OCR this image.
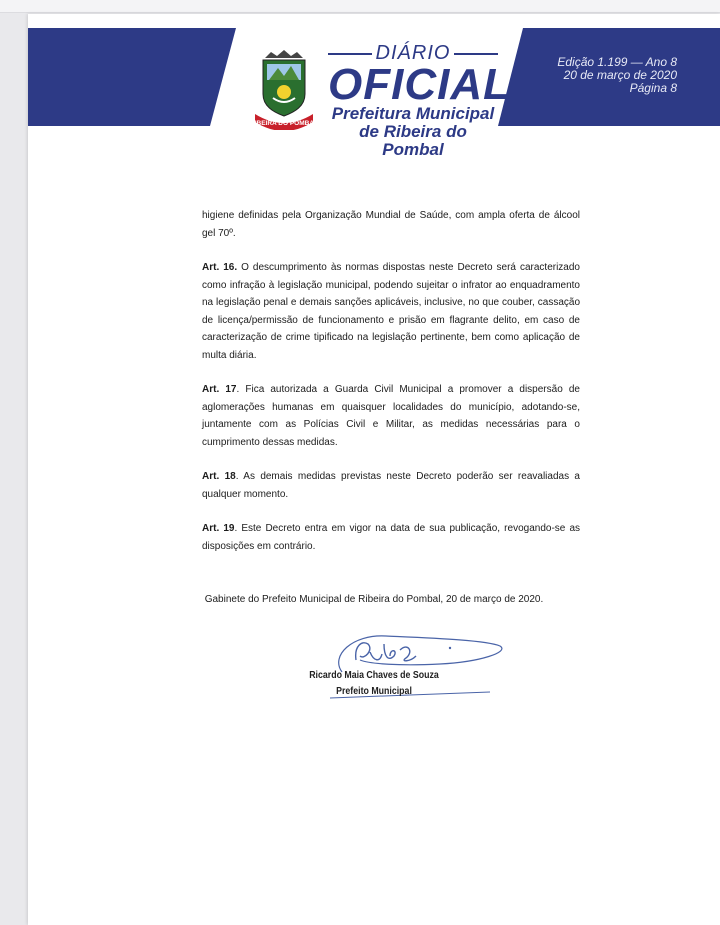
RIBEIRA DO POMBAL
DIÁRIO
OFICIAL
Prefeitura Municipal
de Ribeira do Pombal
Edição 1.199 — Ano 8
20 de março de 2020
Página 8

higiene definidas pela Organização Mundial de Saúde, com ampla oferta de álcool gel 70º.

Art. 16. O descumprimento às normas dispostas neste Decreto será caracterizado como infração à legislação municipal, podendo sujeitar o infrator ao enquadramento na legislação penal e demais sanções aplicáveis, inclusive, no que couber, cassação de licença/permissão de funcionamento e prisão em flagrante delito, em caso de caracterização de crime tipificado na legislação pertinente, bem como aplicação de multa diária.

Art. 17. Fica autorizada a Guarda Civil Municipal a promover a dispersão de aglomerações humanas em quaisquer localidades do município, adotando-se, juntamente com as Polícias Civil e Militar, as medidas necessárias para o cumprimento dessas medidas.

Art. 18. As demais medidas previstas neste Decreto poderão ser reavaliadas a qualquer momento.

Art. 19. Este Decreto entra em vigor na data de sua publicação, revogando-se as disposições em contrário.

Gabinete do Prefeito Municipal de Ribeira do Pombal, 20 de março de 2020.
Ricardo Maia Chaves de Souza
Prefeito Municipal
